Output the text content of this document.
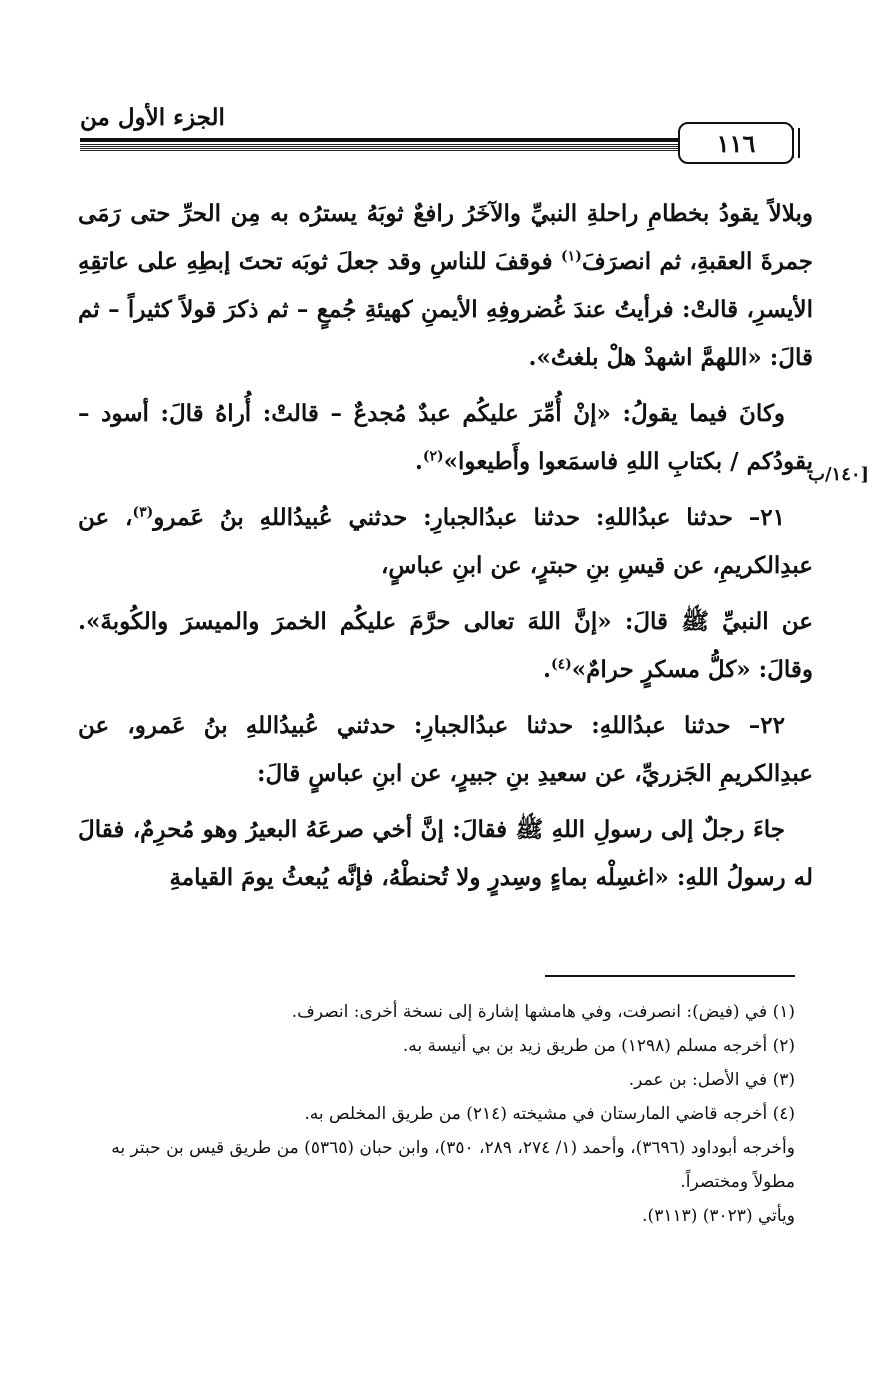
الجزء الأول من
١١٦
١٤٠/ب]

وبلالاً يقودُ بخطامِ راحلةِ النبيِّ والآخَرُ رافعٌ ثوبَهُ يسترُه به مِن الحرِّ حتى رَمَى جمرةَ العقبةِ، ثم انصرَفَ$^{(١)}$ فوقفَ للناسِ وقد جعلَ ثوبَه تحتَ إبطِهِ على عاتقِهِ الأيسرِ، قالتْ: فرأيتُ عندَ غُضروفِهِ الأيمنِ كهيئةِ جُمعٍ – ثم ذكرَ قولاً كثيراً – ثم قالَ: «اللهمَّ اشهدْ هلْ بلغتُ».

وكانَ فيما يقولُ: «إنْ أُمِّرَ عليكُم عبدٌ مُجدعٌ – قالتْ: أُراهُ قالَ: أسود – يقودُكم / بكتابِ اللهِ فاسمَعوا وأَطيعوا»$^{(٢)}$.

٢١– حدثنا عبدُاللهِ: حدثنا عبدُالجبارِ: حدثني عُبيدُاللهِ بنُ عَمرو$^{(٣)}$، عن عبدِالكريمِ، عن قيسِ بنِ حبترٍ، عن ابنِ عباسٍ،

عن النبيِّ ﷺ قالَ: «إنَّ اللهَ تعالى حرَّمَ عليكُم الخمرَ والميسرَ والكُوبةَ». وقالَ: «كلُّ مسكرٍ حرامٌ»$^{(٤)}$.

٢٢– حدثنا عبدُاللهِ: حدثنا عبدُالجبارِ: حدثني عُبيدُاللهِ بنُ عَمرو، عن عبدِالكريمِ الجَزريِّ، عن سعيدِ بنِ جبيرٍ، عن ابنِ عباسٍ قالَ:

جاءَ رجلٌ إلى رسولِ اللهِ ﷺ فقالَ: إنَّ أخي صرعَهُ البعيرُ وهو مُحرِمٌ، فقالَ له رسولُ اللهِ: «اغسِلْه بماءٍ وسِدرٍ ولا تُحنطْهُ، فإنَّه يُبعثُ يومَ القيامةِ

(١) في (فيض): انصرفت، وفي هامشها إشارة إلى نسخة أخرى: انصرف.

(٢) أخرجه مسلم (١٢٩٨) من طريق زيد بن بي أنيسة به.

(٣) في الأصل: بن عمر.

(٤) أخرجه قاضي المارستان في مشيخته (٢١٤) من طريق المخلص به.

وأخرجه أبوداود (٣٦٩٦)، وأحمد (١/ ٢٧٤، ٢٨٩، ٣٥٠)، وابن حبان (٥٣٦٥) من طريق قيس بن حبتر به مطولاً ومختصراً.

ويأتي (٣٠٢٣) (٣١١٣).
